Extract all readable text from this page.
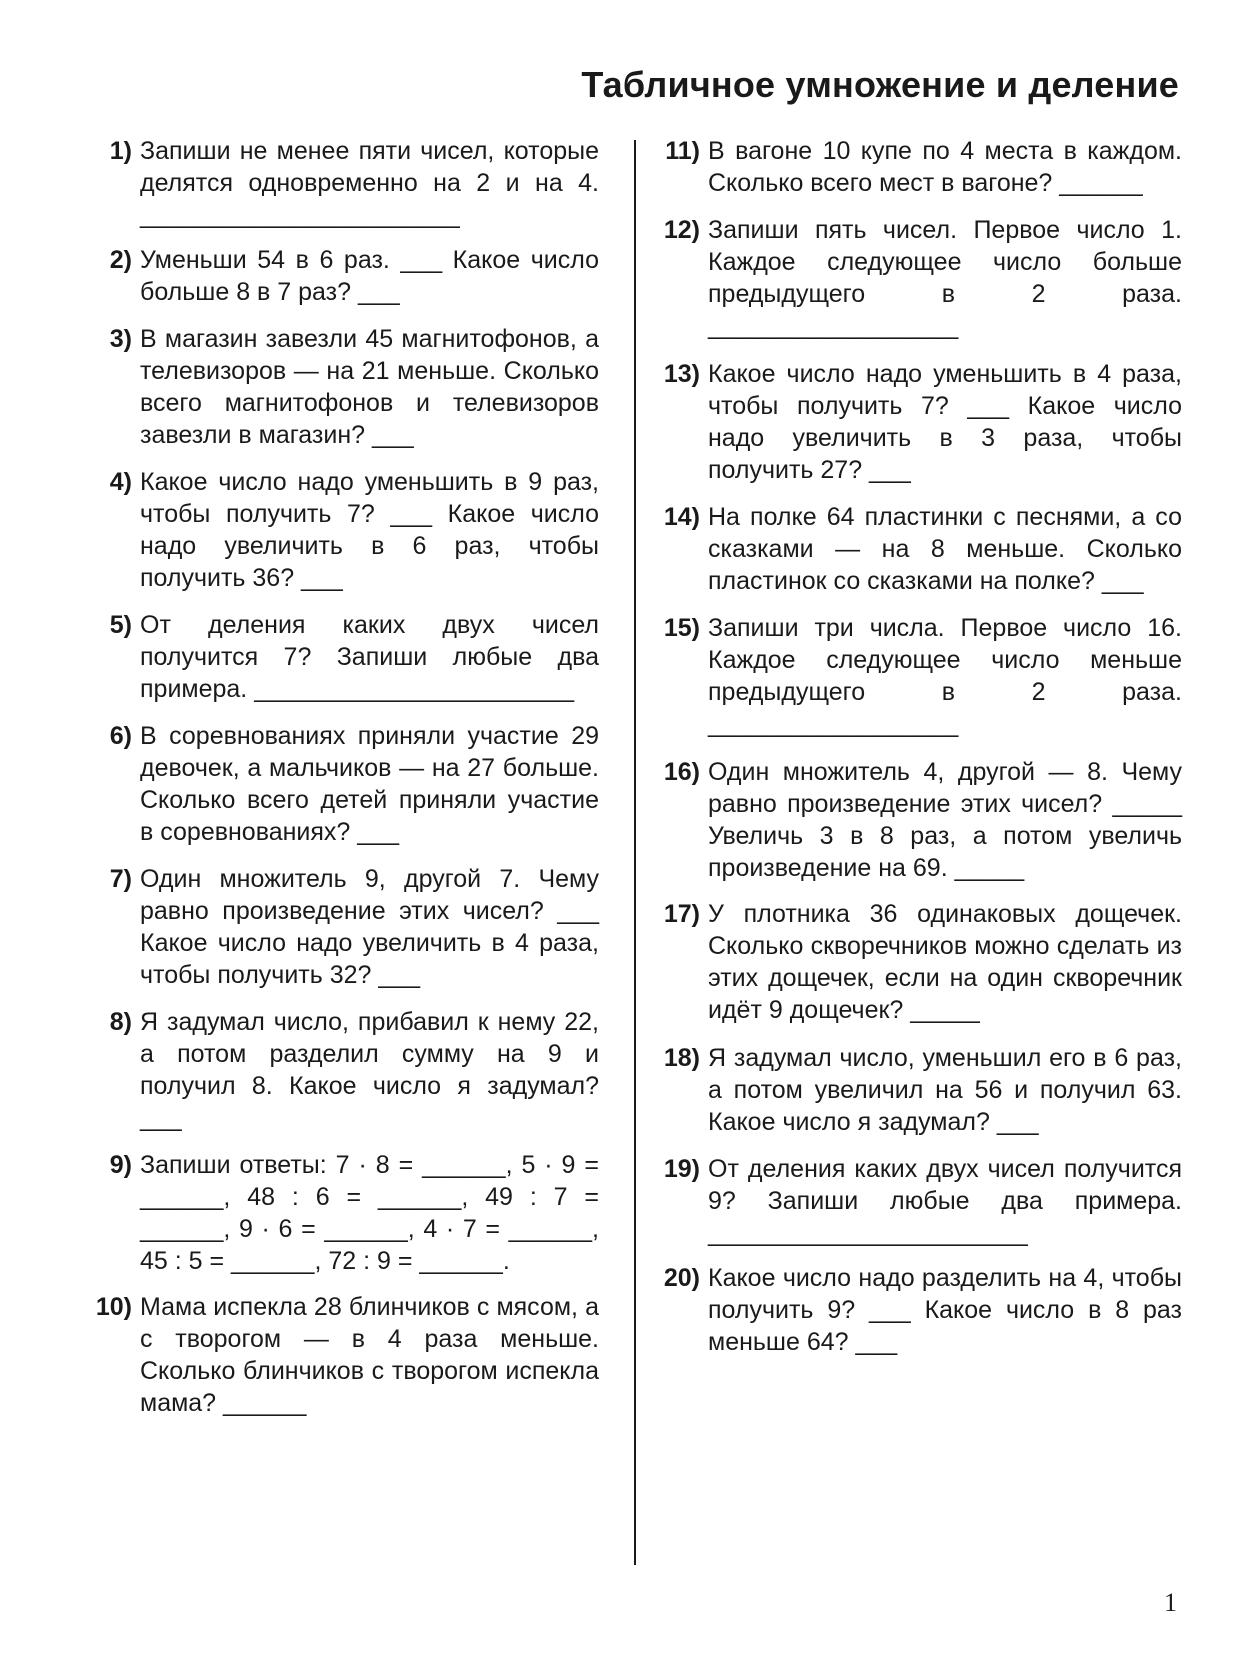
Табличное умножение и деление
1) Запиши не менее пяти чисел, которые делятся одновременно на 2 и на 4. _______________________
2) Уменьши 54 в 6 раз. ___ Какое число больше 8 в 7 раз? ___
3) В магазин завезли 45 магнитофонов, а телевизоров — на 21 меньше. Сколько всего магнитофонов и телевизоров завезли в магазин? ___
4) Какое число надо уменьшить в 9 раз, чтобы получить 7? ___ Какое число надо увеличить в 6 раз, чтобы получить 36? ___
5) От деления каких двух чисел получится 7? Запиши любые два примера. _______________________
6) В соревнованиях приняли участие 29 девочек, а мальчиков — на 27 больше. Сколько всего детей приняли участие в соревнованиях? ___
7) Один множитель 9, другой 7. Чему равно произведение этих чисел? ___ Какое число надо увеличить в 4 раза, чтобы получить 32? ___
8) Я задумал число, прибавил к нему 22, а потом разделил сумму на 9 и получил 8. Какое число я задумал? ___
9) Запиши ответы: 7 · 8 = ______, 5 · 9 = ______, 48 : 6 = ______, 49 : 7 = ______, 9 · 6 = ______, 4 · 7 = ______, 45 : 5 = ______, 72 : 9 = ______.
10) Мама испекла 28 блинчиков с мясом, а с творогом — в 4 раза меньше. Сколько блинчиков с творогом испекла мама? ______
11) В вагоне 10 купе по 4 места в каждом. Сколько всего мест в вагоне? ______
12) Запиши пять чисел. Первое число 1. Каждое следующее число больше предыдущего в 2 раза. __________________
13) Какое число надо уменьшить в 4 раза, чтобы получить 7? ___ Какое число надо увеличить в 3 раза, чтобы получить 27? ___
14) На полке 64 пластинки с песнями, а со сказками — на 8 меньше. Сколько пластинок со сказками на полке? ___
15) Запиши три числа. Первое число 16. Каждое следующее число меньше предыдущего в 2 раза. __________________
16) Один множитель 4, другой — 8. Чему равно произведение этих чисел? _____ Увеличь 3 в 8 раз, а потом увеличь произведение на 69. _____
17) У плотника 36 одинаковых дощечек. Сколько скворечников можно сделать из этих дощечек, если на один скворечник идёт 9 дощечек? _____
18) Я задумал число, уменьшил его в 6 раз, а потом увеличил на 56 и получил 63. Какое число я задумал? ___
19) От деления каких двух чисел получится 9? Запиши любые два примера. _______________________
20) Какое число надо разделить на 4, чтобы получить 9? ___ Какое число в 8 раз меньше 64? ___
1
